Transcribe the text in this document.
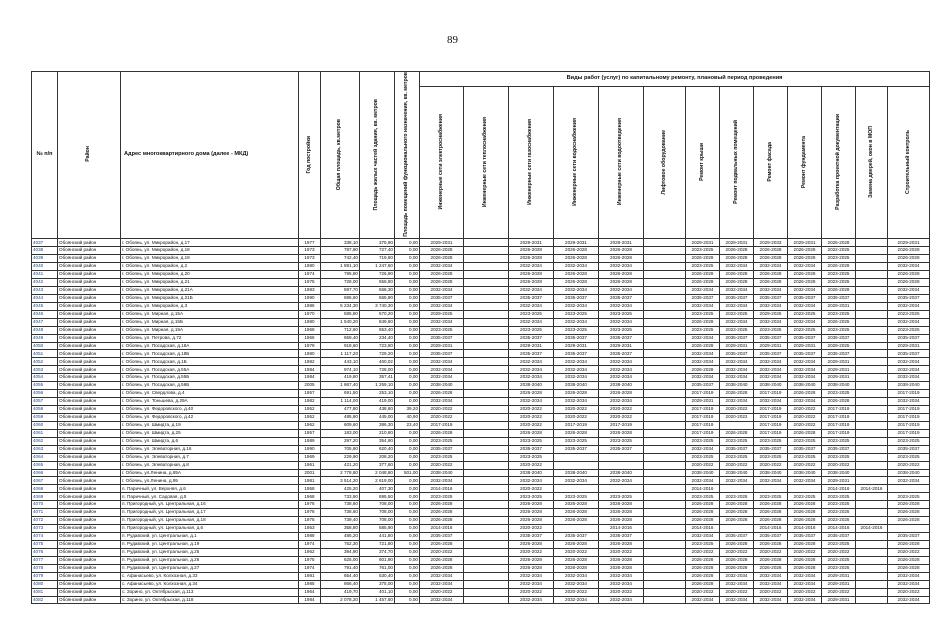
89
№ п/п	Район	Адрес многоквартирного дома (далее - МКД)	Год постройки	Общая площадь, кв.метров	Площадь жилых частей здания, кв. метров	Площадь помещений функционального назначения, кв. метров	Виды работ (услуг) по капитальному ремонту, плановый период проведения												
							Инженерные сети электроснабжения	Инженерные сети теплоснабжения	Инженерные сети газоснабжения	Инженерные сети водоснабжения	Инженерные сети водоотведения	Лифтовое оборудование	Ремонт крыши	Ремонт подвальных помещений	Ремонт фасада	Ремонт фундамента	Разработка проектной документации	Замена дверей, окон в МОП	Строительный контроль
4037	Обоянский район	г. Обоянь, ул. Микрорайон, д.17	1977	338,10	375,90	0,00	2029-2031		2029-2031	2029-2031	2029-2031		2029-2031	2029-2031	2029-2033	2029-2031	2026-2028		2029-2031
4038	Обоянский район	г. Обоянь, ул. Микрорайон, д.18	1973	787,90	727,40	0,00	2026-2028		2026-2028	2026-2028	2026-2028		2023-2025	2026-2028	2026-2028	2026-2028	2022-2025		2026-2028
4039	Обоянский район	г. Обоянь, ул. Микрорайон, д.19	1973	742,40	719,60	0,00	2026-2028		2026-2028	2026-2028	2026-2028		2026-2028	2026-2028	2026-2028	2026-2028	2023-2025		2026-2028
4040	Обоянский район	г. Обоянь, ул. Микрорайон, д.2	1980	1 891,10	1 247,60	0,00	2032-2034		2032-2034	2032-2034	2032-2034		2023-2025	2032-2034	2032-2034	2032-2034	2026-2028		2032-2034
4041	Обоянский район	г. Обоянь, ул. Микрорайон, д.20	1974	795,80	726,90	0,00	2026-2028		2026-2028	2026-2028	2026-2028		2026-2028	2026-2028	2026-2028	2026-2028	2023-2025		2026-2028
4042	Обоянский район	г. Обоянь, ул. Микрорайон, д.21	1975	728,00	658,80	0,00	2026-2028		2026-2028	2026-2028	2026-2028		2026-2028	2026-2028	2026-2028	2026-2028	2023-2025		2026-2028
4043	Обоянский район	г. Обоянь, ул. Микрорайон, д.21А	1983	597,70	568,30	0,00	2032-2034		2032-2034	2032-2034	2032-2034		2032-2034	2032-2034	2032-2034	2032-2034	2026-2028		2032-2034
4044	Обоянский район	г. Обоянь, ул. Микрорайон, д.21Б	1990	695,60	565,90	0,00	2035-2037		2035-2037	2035-2037	2035-2037		2035-2037	2035-2037	2035-2037	2035-2037	2035-2037		2035-2037
4045	Обоянский район	г. Обоянь, ул. Микрорайон, д.3	1986	5 234,30	3 740,30	0,00	2032-2034		2032-2034	2032-2034	2032-2034		2032-2034	2032-2034	2032-2034	2032-2034	2029-2031		2032-2034
4046	Обоянский район	г. Обоянь, ул. Мирная, д.15А	1970	585,80	570,20	0,00	2029-2025		2023-2025	2023-2025	2023-2025		2023-2025	2023-2025	2029-2025	2023-2025	2023-2025		2023-2025
4047	Обоянский район	г. Обоянь, ул. Мирная, д.15Б	1980	1 540,20	849,60	0,00	2032-2034		2032-2034	2032-2034	2032-2034		2026-2028	2032-2034	2032-2034	2032-2034	2026-2025		2032-2034
4048	Обоянский район	г. Обоянь, ул. Мирная, д.19А	1968	712,60	653,40	0,00	2023-2025		2023-2025	2023-2025	2023-2025		2023-2025	2023-2025	2023-2025	2023-2025	2023-2025		2023-2025
4049	Обоянский район	г. Обоянь, ул. Петрова, д.72	1966	659,40	234,40	0,00	2035-2037		2035-2037	2035-2037	2035-2037		2032-2034	2035-2037	2035-2037	2035-2037	2035-2037		2035-2037
4050	Обоянский район	г. Обоянь, ул. Посадская, д.18А	1979	918,60	723,80	0,00	2029-2031		2029-2031	2029-2031	2029-2031		2026-2028	2029-2031	2029-2031	2029-2031	2029-2025		2029-2031
4051	Обоянский район	г. Обоянь, ул. Посадская, д.18Б	1980	1 117,20	729,20	0,00	2035-2037		2035-2037	2035-2037	2035-2037		2032-2034	2035-2037	2035-2037	2035-2037	2035-2037		2035-2037
4052	Обоянский район	г. Обоянь, ул. Посадская, д.1Б	1982	443,10	460,02	0,00	2032-2034		2032-2034	2032-2034	2032-2034		2032-2034	2032-2034	2032-2034	2032-2034	2029-2031		2032-2034
4053	Обоянский район	г. Обоянь, ул. Посадская, д.55А	1984	974,10	728,00	0,00	2032-2034		2032-2034	2032-2034	2032-2034		2026-2028	2032-2034	2032-2034	2032-2034	2029-2031		2032-2034
4054	Обоянский район	г. Обоянь, ул. Посадская, д.55Б	1984	419,80	357,41	0,00	2032-2034		2032-2034	2032-2034	2032-2034		2032-2034	2032-2034	2032-2034	2032-2034	2029-2031		2032-2034
4055	Обоянский район	г. Обоянь, ул. Посадская, д.56Б	2005	1 867,40	1 259,10	0,00	2038-2040		2038-2040	2038-2040	2038-2040		2035-2037	2038-2040	2038-2040	2038-2040	2038-2040		2038-2040
4056	Обоянский район	г. Обоянь, ул. Свердлова, д.4	1957	691,50	253,10	0,00	2026-2028		2026-2028	2026-2028	2026-2028		2017-2019	2026-2028	2017-2019	2026-2028	2023-2025		2017-2019
4057	Обоянский район	г. Обоянь, ул. Тоньшева, д.29А	1982	1 114,00	419,00	0,00	2032-2034		2032-2034	2032-2034	2032-2034		2029-2031	2032-2034	2032-2034	2032-2034	2026-2028		2032-2034
4058	Обоянский район	г. Обоянь, ул. Федоровского, д.40	1952	477,80	438,60	39,20	2020-2022		2020-2022	2020-2022	2020-2022		2017-2019	2020-2022	2017-2019	2020-2022	2017-2019		2017-2019
4059	Обоянский район	г. Обоянь, ул. Федоровского, д.42	1952	485,90	445,00	40,90	2020-2022		2020-2022	2020-2022	2020-2022		2017-2019	2020-2022	2017-2019	2020-2022	2017-2019		2017-2019
4060	Обоянский район	г. Обоянь, ул. Шмидта, д.19	1962	609,60	386,30	23,40	2017-2019		2020-2022	2017-2019	2017-2019		2017-2019		2017-2019	2020-2022	2017-2019		2017-2019
4061	Обоянский район	г. Обоянь, ул. Шмидта, д.25	1957	183,00	210,80	0,00	2026-2028		2026-2028	2026-2028	2026-2028		2017-2019	2026-2028	2017-2019	2026-2028	2017-2019		2017-2019
4062	Обоянский район	г. Обоянь, ул. Шмидта, д.6	1989	297,20	354,90	0,00	2023-2025		2023-2025	2023-2025	2023-2025		2023-2025	2023-2025	2023-2025	2023-2025	2023-2025		2023-2025
4063	Обоянский район	г. Обоянь, ул. Элеваторная, д.16	1990	705,90	620,40	0,00	2035-2037		2035-2037	2035-2037	2035-2037		2032-2034	2035-2037	2035-2037	2035-2037	2035-2037		2035-2037
4064	Обоянский район	г. Обоянь, ул. Элеваторная, д.7	1969	229,90	208,20	0,00	2023-2025		2023-2025				2023-2025	2023-2025	2023-2025	2023-2025	2023-2025		2023-2025
4065	Обоянский район	г. Обоянь, ул. Элеваторная, д.8	1961	421,20	377,60	0,00	2020-2022		2020-2022				2020-2022	2020-2022	2020-2022	2020-2022	2020-2022		2020-2022
4066	Обоянский район	г. Обоянь, ул.Ленина, д.85А	2001	2 778,80	2 048,80	501,00	2038-2040		2038-2040	2038-2040	2038-2040		2038-2040	2038-2040	2038-2040	2038-2040	2038-2040		2038-2040
4067	Обоянский район	г. Обоянь, ул.Ленина, д.95	1981	3 514,20	2 619,00	0,00	2032-2034		2032-2034	2032-2034	2032-2034		2032-2034	2032-2034	2032-2034	2032-2034	2029-2031		2032-2034
4068	Обоянский район	п. Паричный, ул. Верхняя, д.6	1958	425,20	407,30	0,00	2014-2016		2020-2022				2014-2016				2014-2016	2014-2016	
4069	Обоянский район	п. Паричный, ул. Садовая, д.5	1968	733,90	695,50	0,00	2023-2025		2023-2025	2023-2025	2023-2025		2023-2025	2023-2025	2023-2025	2023-2025	2023-2025		2023-2025
4070	Обоянский район	п. Пригородный, ул. Центральная, д.16	1976	738,60	708,00	0,00	2026-2028		2026-2028	2026-2028	2026-2028		2026-2028	2026-2028	2026-2028	2026-2028	2023-2025		2026-2028
4071	Обоянский район	п. Пригородный, ул. Центральная, д.17	1976	738,60	708,00	0,00	2026-2028		2026-2028	2026-2028	2026-2028		2026-2028	2026-2028	2026-2028	2026-2028	2023-2025		2026-2028
4072	Обоянский район	п. Пригородный, ул. Центральная, д.18	1975	739,40	708,00	0,00	2026-2028		2026-2028	2026-2028	2026-2028		2026-2028	2026-2028	2026-2028	2026-2028	2023-2025		2026-2028
4073	Обоянский район	п. Пригородный, ул. Центральная, д.6	1953	358,80	585,90	0,00	2014-2016		2020-2022		2014-2016		2014-2016		2014-2016	2014-2016	2014-2016	2014-2016	
4074	Обоянский район	п. Рудавский, ул. Центральная, д.1	1988	485,20	441,80	0,00	2035-2037		2035-2037	2035-2037	2035-2037		2032-2034	2035-2037	2035-2037	2035-2037	2035-2037		2035-2037
4075	Обоянский район	п. Рудавский, ул. Центральная, д.19	1974	752,30	721,80	0,00	2026-2028		2026-2028	2026-2028	2026-2028		2023-2025	2026-2028	2026-2028	2026-2028	2023-2025		2026-2028
4076	Обоянский район	п. Рудавский, ул. Центральная, д.25	1962	394,90	374,70	0,00	2020-2022		2020-2022	2020-2022	2020-2022		2020-2022	2020-2022	2020-2022	2020-2022	2020-2022		2020-2022
4077	Обоянский район	п. Рудавский, ул. Центральная, д.26	1975	625,00	601,90	0,00	2026-2028		2026-2028	2026-2028	2026-2028		2026-2028	2026-2028	2026-2028	2026-2028	2023-2025		2026-2028
4078	Обоянский район	п. Рудавский, ул. Центральная, д.27	1974	791,40	761,00	0,00	2026-2028		2026-2028	2026-2028	2026-2028		2026-2028	2026-2028	2026-2028	2026-2028	2023-2025		2026-2028
4079	Обоянский район	с. Афанасьево, ул. Колхозная, д.33	1981	654,40	530,40	0,00	2032-2034		2032-2034	2032-2034	2032-2034		2026-2028	2032-2034	2032-2034	2032-2034	2029-2031		2032-2034
4080	Обоянский район	с. Афанасьево, ул. Колхозная, д.34	1985	866,40	375,00	0,00	2032-2034		2032-2034	2032-2034	2032-2034		2026-2028	2032-2034	2032-2034	2032-2034	2029-2031		2032-2034
4081	Обоянский район	с. Зорино, ул. Октябрьская, д.113	1964	419,70	401,10	0,00	2020-2022		2020-2022	2020-2022	2020-2022		2020-2022	2020-2022	2020-2022	2020-2022	2020-2022		2020-2022
4082	Обоянский район	с. Зорино, ул. Октябрьская, д.118	1984	2 078,20	1 457,60	0,00	2032-2034		2032-2034	2032-2034	2032-2034		2032-2034	2032-2034	2032-2034	2032-2034	2029-2031		2032-2034
